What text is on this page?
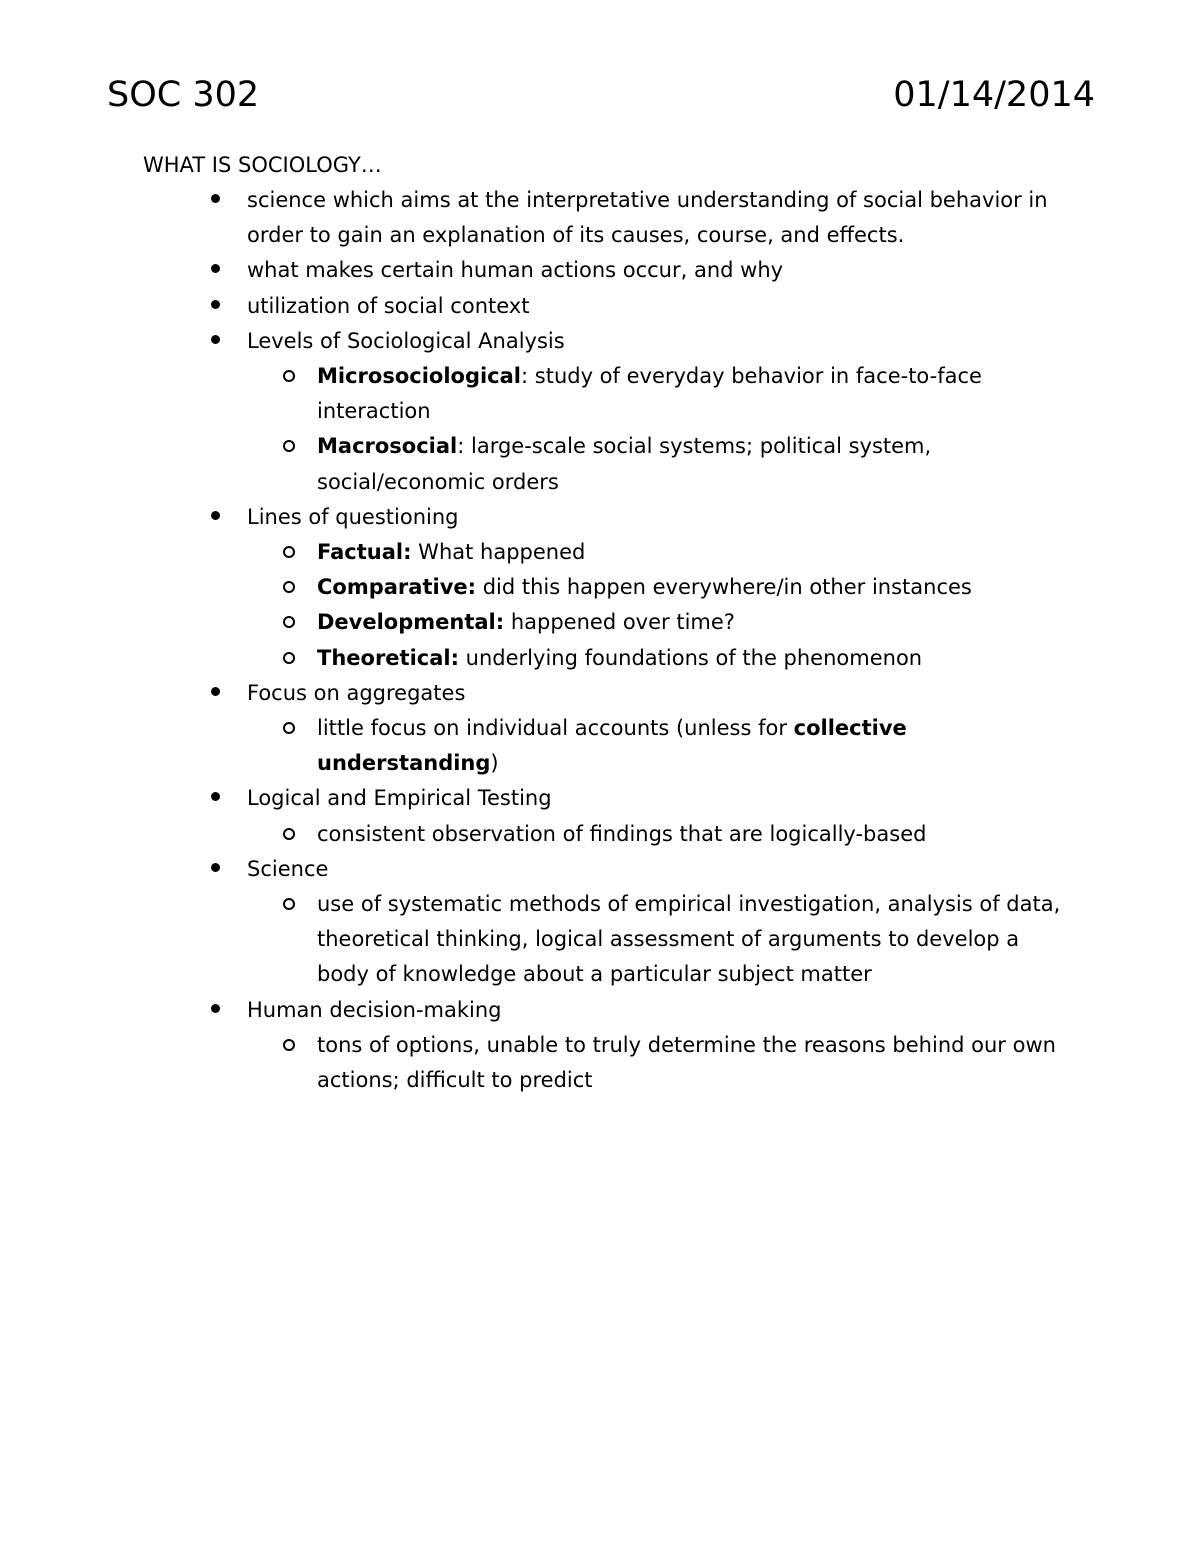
SOC 302	01/14/2014
WHAT IS SOCIOLOGY…
science which aims at the interpretative understanding of social behavior in order to gain an explanation of its causes, course, and effects.
what makes certain human actions occur, and why
utilization of social context
Levels of Sociological Analysis
Microsociological: study of everyday behavior in face-to-face interaction
Macrosocial: large-scale social systems; political system, social/economic orders
Lines of questioning
Factual: What happened
Comparative: did this happen everywhere/in other instances
Developmental: happened over time?
Theoretical: underlying foundations of the phenomenon
Focus on aggregates
little focus on individual accounts (unless for collective understanding)
Logical and Empirical Testing
consistent observation of findings that are logically-based
Science
use of systematic methods of empirical investigation, analysis of data, theoretical thinking, logical assessment of arguments to develop a body of knowledge about a particular subject matter
Human decision-making
tons of options, unable to truly determine the reasons behind our own actions; difficult to predict
